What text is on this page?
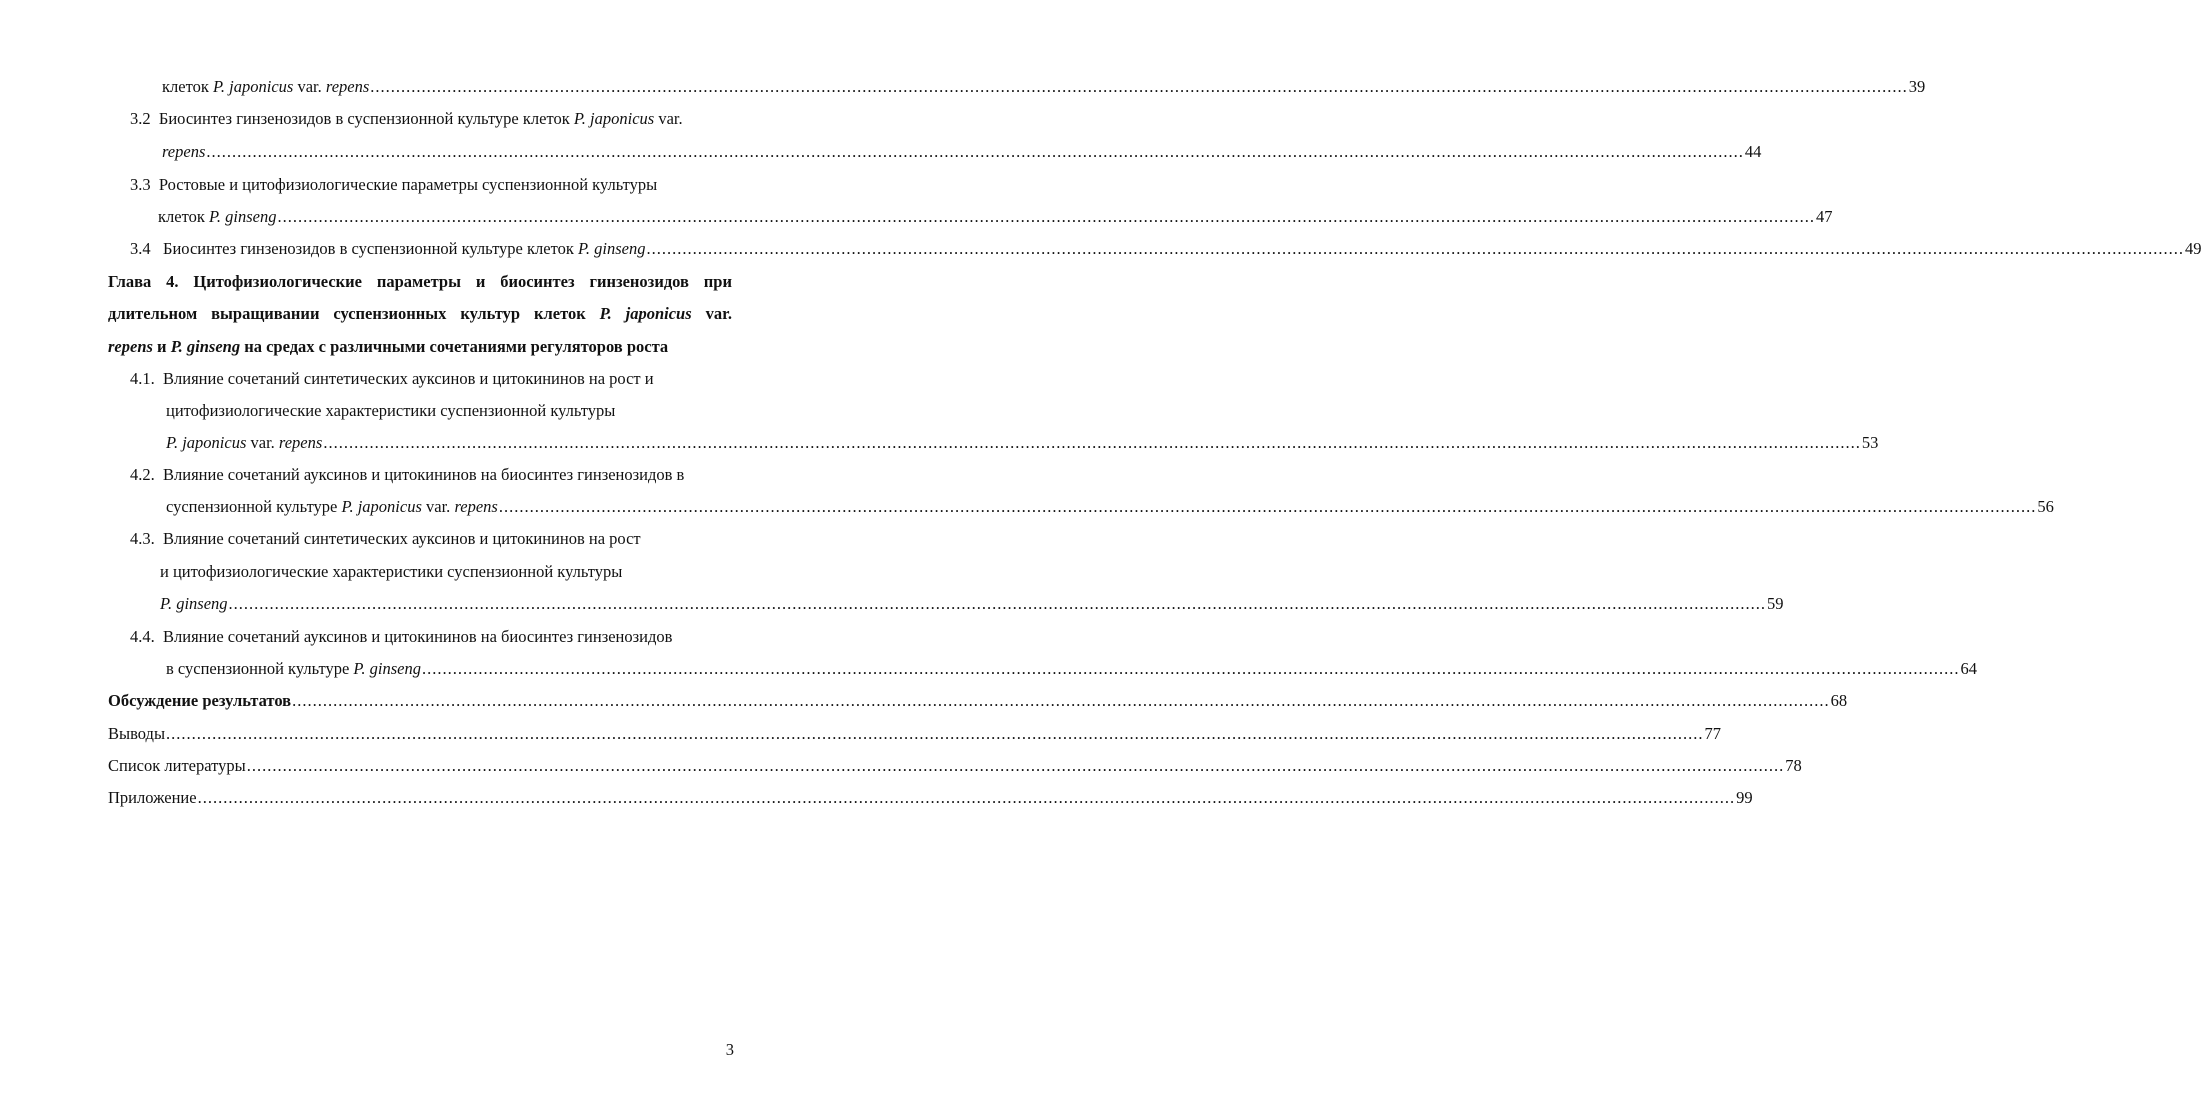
клеток P. japonicus var. repens ............................................................................................................................................................................................................................................................................................................ 39
3.2 Биосинтез гинзенозидов в суспензионной культуре клеток P. japonicus var.
repens ............................................................................................................................................................................................................................................................................................................ 44
3.3 Ростовые и цитофизиологические параметры суспензионной культуры
клеток P. ginseng ............................................................................................................................................................................................................................................................................................................ 47
3.4 Биосинтез гинзенозидов в суспензионной культуре клеток P. ginseng ............................................................................................................................................................................................................................................................................................................ 49
Глава 4. Цитофизиологические параметры и биосинтез гинзенозидов при
длительном выращивании суспензионных культур клеток P. japonicus var.
repens и P. ginseng на средах с различными сочетаниями регуляторов роста
4.1. Влияние сочетаний синтетических ауксинов и цитокининов на рост и
цитофизиологические характеристики суспензионной культуры
P. japonicus var. repens ............................................................................................................................................................................................................................................................................................................ 53
4.2. Влияние сочетаний ауксинов и цитокининов на биосинтез гинзенозидов в
суспензионной культуре P. japonicus var. repens ............................................................................................................................................................................................................................................................................................................ 56
4.3. Влияние сочетаний синтетических ауксинов и цитокининов на рост
и цитофизиологические характеристики суспензионной культуры
P. ginseng ............................................................................................................................................................................................................................................................................................................ 59
4.4. Влияние сочетаний ауксинов и цитокининов на биосинтез гинзенозидов
в суспензионной культуре P. ginseng ............................................................................................................................................................................................................................................................................................................ 64
Обсуждение результатов ............................................................................................................................................................................................................................................................................................................ 68
Выводы ............................................................................................................................................................................................................................................................................................................ 77
Список литературы ............................................................................................................................................................................................................................................................................................................ 78
Приложение ............................................................................................................................................................................................................................................................................................................ 99
3
